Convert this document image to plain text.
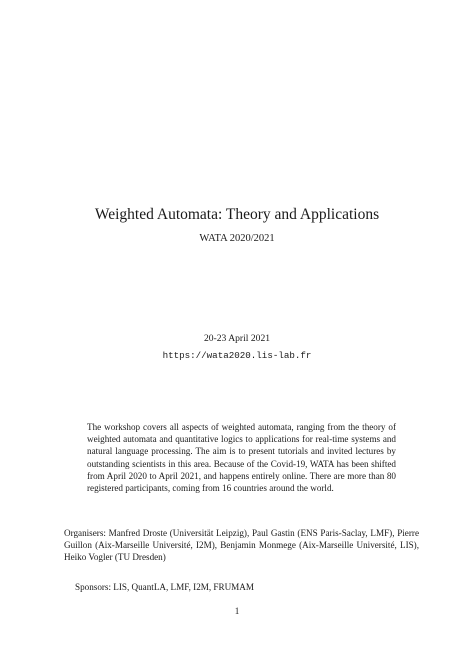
Weighted Automata: Theory and Applications
WATA 2020/2021
20-23 April 2021
https://wata2020.lis-lab.fr
The workshop covers all aspects of weighted automata, ranging from the theory of weighted automata and quantitative logics to applications for real-time systems and natural language processing. The aim is to present tutorials and invited lectures by outstanding scientists in this area. Because of the Covid-19, WATA has been shifted from April 2020 to April 2021, and happens entirely online. There are more than 80 registered participants, coming from 16 countries around the world.
Organisers: Manfred Droste (Universität Leipzig), Paul Gastin (ENS Paris-Saclay, LMF), Pierre Guillon (Aix-Marseille Université, I2M), Benjamin Monmege (Aix-Marseille Université, LIS), Heiko Vogler (TU Dresden)
Sponsors: LIS, QuantLA, LMF, I2M, FRUMAM
1
